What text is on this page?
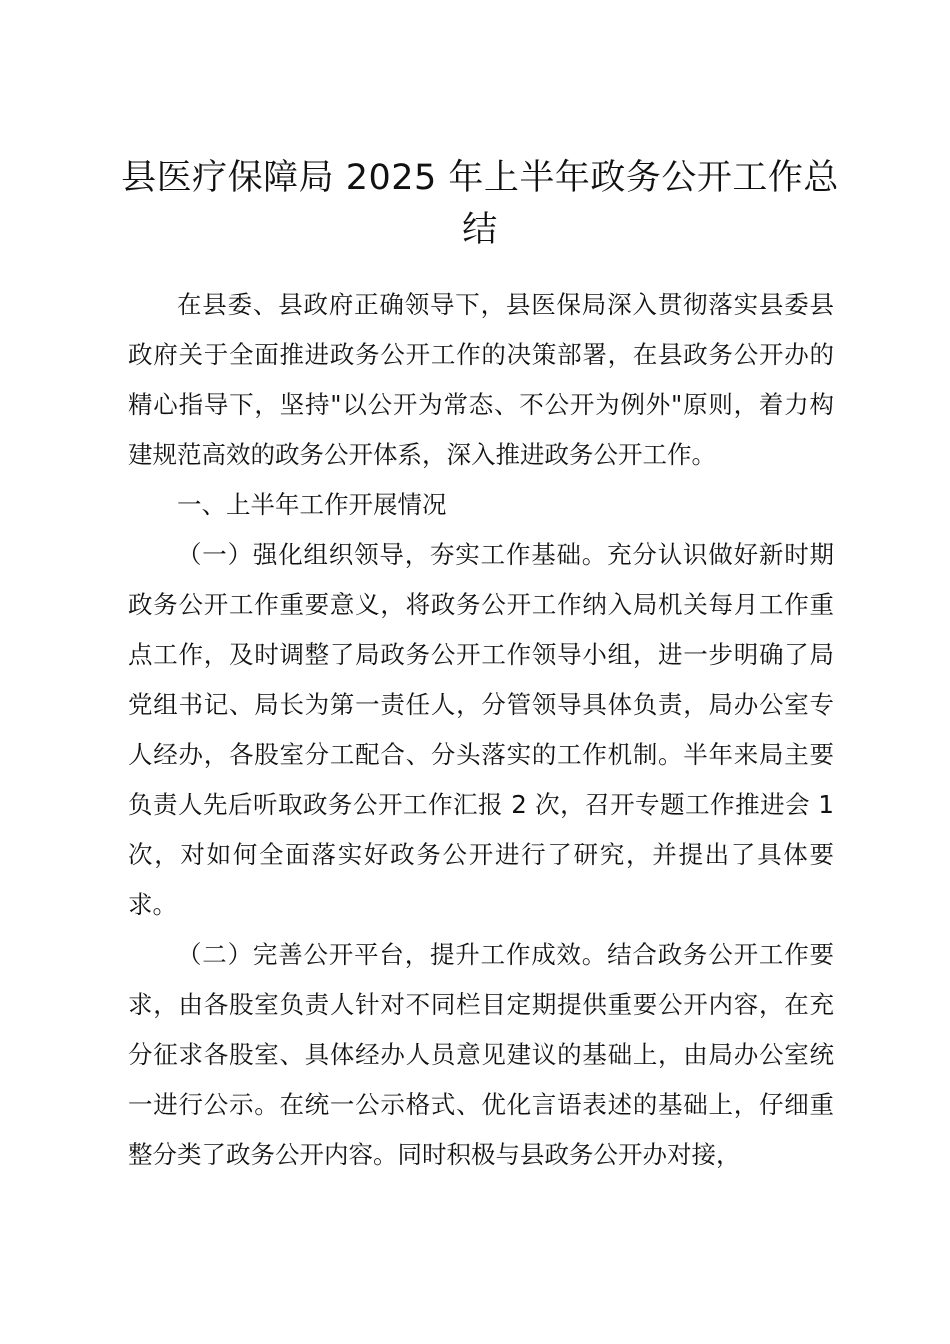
县医疗保障局 2025 年上半年政务公开工作总结

在县委、县政府正确领导下，县医保局深入贯彻落实县委县政府关于全面推进政务公开工作的决策部署，在县政务公开办的精心指导下，坚持"以公开为常态、不公开为例外"原则，着力构建规范高效的政务公开体系，深入推进政务公开工作。

一、上半年工作开展情况

（一）强化组织领导，夯实工作基础。充分认识做好新时期政务公开工作重要意义，将政务公开工作纳入局机关每月工作重点工作，及时调整了局政务公开工作领导小组，进一步明确了局党组书记、局长为第一责任人，分管领导具体负责，局办公室专人经办，各股室分工配合、分头落实的工作机制。半年来局主要负责人先后听取政务公开工作汇报 2 次，召开专题工作推进会 1 次，对如何全面落实好政务公开进行了研究，并提出了具体要求。

（二）完善公开平台，提升工作成效。结合政务公开工作要求，由各股室负责人针对不同栏目定期提供重要公开内容，在充分征求各股室、具体经办人员意见建议的基础上，由局办公室统一进行公示。在统一公示格式、优化言语表述的基础上，仔细重整分类了政务公开内容。同时积极与县政务公开办对接，
